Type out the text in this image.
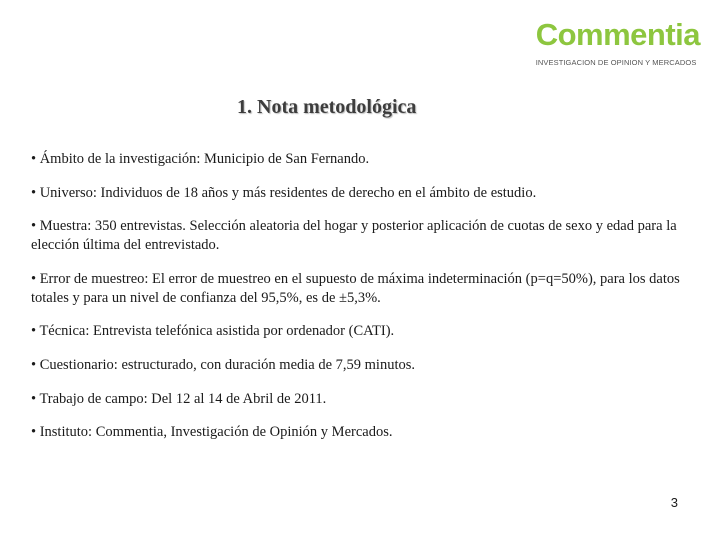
Commentia
INVESTIGACION DE OPINION Y MERCADOS
1. Nota metodológica
• Ámbito de la investigación: Municipio de San Fernando.
• Universo: Individuos de 18 años y más residentes de derecho en el ámbito de estudio.
• Muestra: 350 entrevistas. Selección aleatoria del hogar y posterior aplicación de cuotas de sexo y edad para la elección última del entrevistado.
• Error de muestreo: El error de muestreo en el supuesto de máxima indeterminación (p=q=50%), para los datos totales y para un nivel de confianza del 95,5%, es de ±5,3%.
• Técnica: Entrevista telefónica asistida por ordenador (CATI).
• Cuestionario: estructurado, con duración media de 7,59 minutos.
• Trabajo de campo: Del 12 al 14 de Abril de 2011.
• Instituto: Commentia, Investigación de Opinión y Mercados.
3
